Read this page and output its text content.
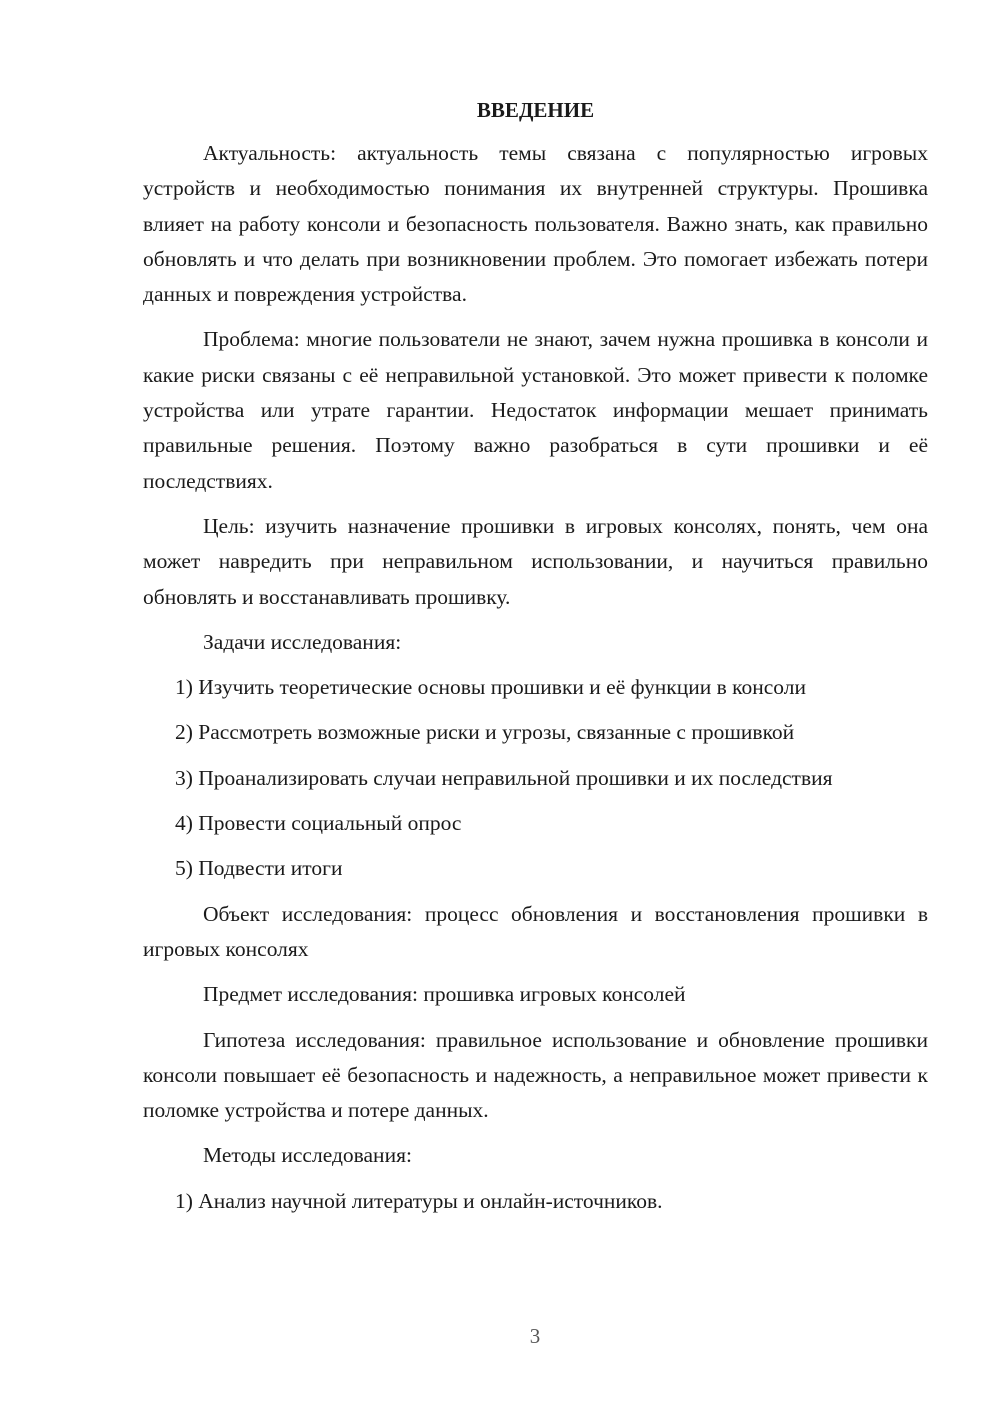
ВВЕДЕНИЕ

Актуальность: актуальность темы связана с популярностью игровых устройств и необходимостью понимания их внутренней структуры. Прошивка влияет на работу консоли и безопасность пользователя. Важно знать, как правильно обновлять и что делать при возникновении проблем. Это помогает избежать потери данных и повреждения устройства.

Проблема: многие пользователи не знают, зачем нужна прошивка в консоли и какие риски связаны с её неправильной установкой. Это может привести к поломке устройства или утрате гарантии. Недостаток информации мешает принимать правильные решения. Поэтому важно разобраться в сути прошивки и её последствиях.

Цель: изучить назначение прошивки в игровых консолях, понять, чем она может навредить при неправильном использовании, и научиться правильно обновлять и восстанавливать прошивку.

Задачи исследования:

1) Изучить теоретические основы прошивки и её функции в консоли

2) Рассмотреть возможные риски и угрозы, связанные с прошивкой

3) Проанализировать случаи неправильной прошивки и их последствия

4) Провести социальный опрос

5) Подвести итоги

Объект исследования: процесс обновления и восстановления прошивки в игровых консолях

Предмет исследования: прошивка игровых консолей

Гипотеза исследования: правильное использование и обновление прошивки консоли повышает её безопасность и надежность, а неправильное может привести к поломке устройства и потере данных.

Методы исследования:

1) Анализ научной литературы и онлайн-источников.

3
